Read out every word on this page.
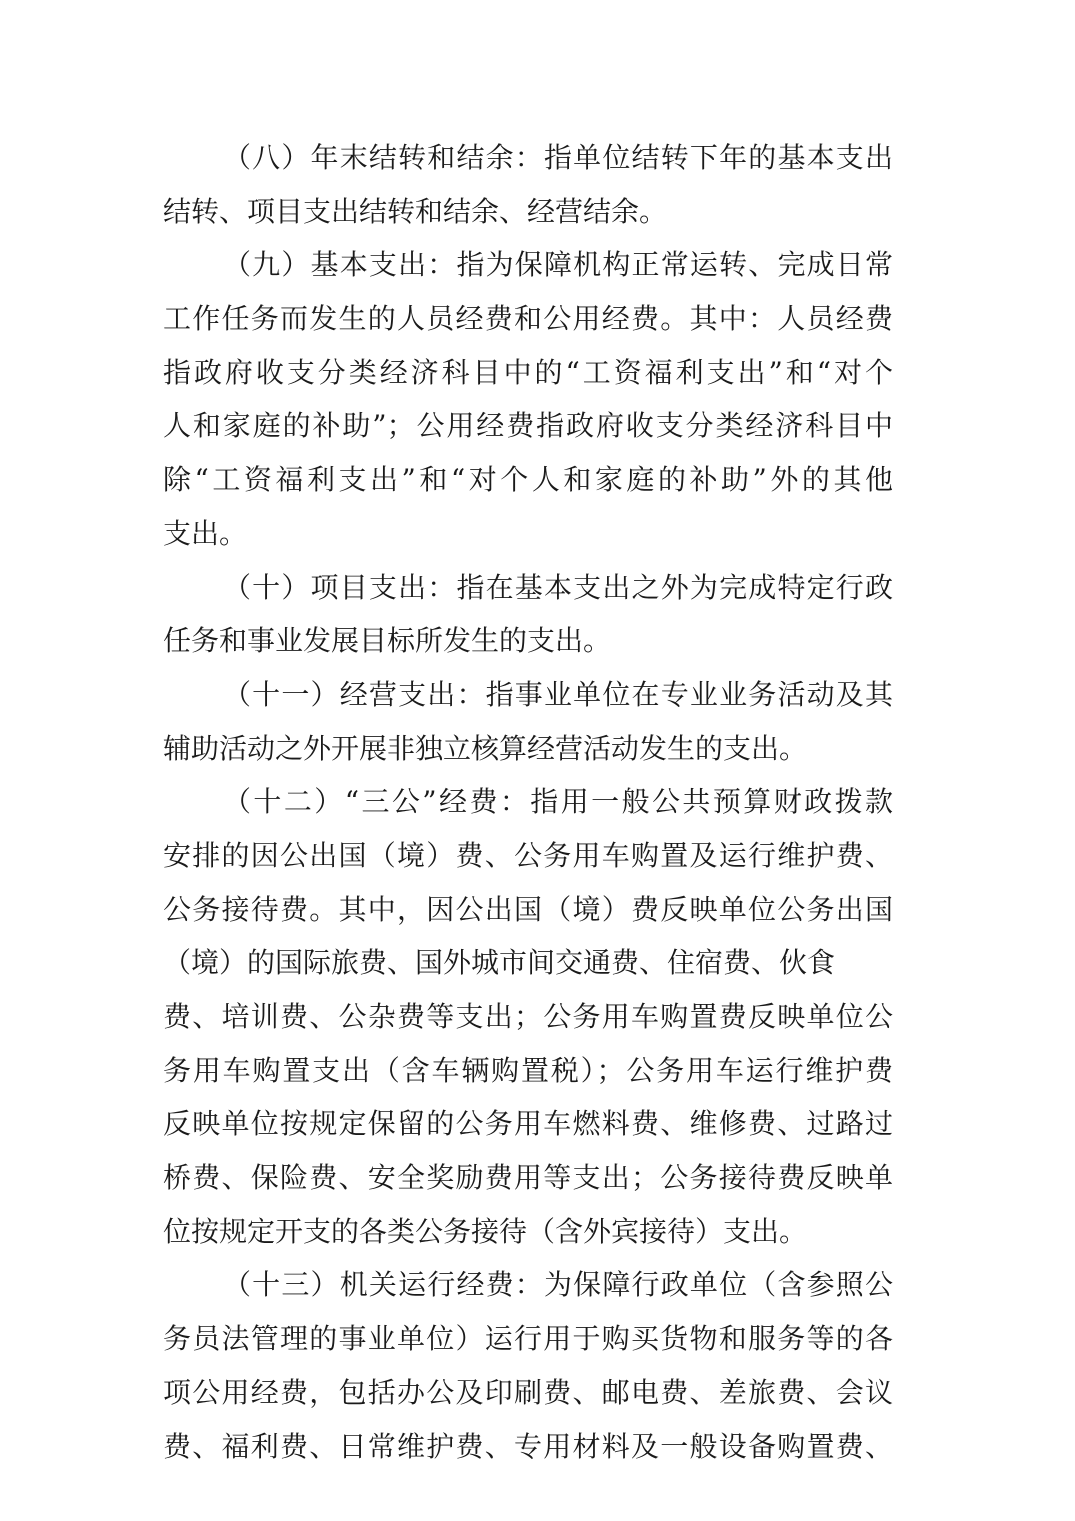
（八）年末结转和结余：指单位结转下年的基本支出
结转、项目支出结转和结余、经营结余。
（九）基本支出：指为保障机构正常运转、完成日常
工作任务而发生的人员经费和公用经费。其中：人员经费
指政府收支分类经济科目中的“工资福利支出”和“对个
人和家庭的补助”；公用经费指政府收支分类经济科目中
除“工资福利支出”和“对个人和家庭的补助”外的其他
支出。
（十）项目支出：指在基本支出之外为完成特定行政
任务和事业发展目标所发生的支出。
（十一）经营支出：指事业单位在专业业务活动及其
辅助活动之外开展非独立核算经营活动发生的支出。
（十二）“三公”经费：指用一般公共预算财政拨款
安排的因公出国（境）费、公务用车购置及运行维护费、
公务接待费。其中，因公出国（境）费反映单位公务出国
（境）的国际旅费、国外城市间交通费、住宿费、伙食
费、培训费、公杂费等支出；公务用车购置费反映单位公
务用车购置支出（含车辆购置税）；公务用车运行维护费
反映单位按规定保留的公务用车燃料费、维修费、过路过
桥费、保险费、安全奖励费用等支出；公务接待费反映单
位按规定开支的各类公务接待（含外宾接待）支出。
（十三）机关运行经费：为保障行政单位（含参照公
务员法管理的事业单位）运行用于购买货物和服务等的各
项公用经费，包括办公及印刷费、邮电费、差旅费、会议
费、福利费、日常维护费、专用材料及一般设备购置费、
